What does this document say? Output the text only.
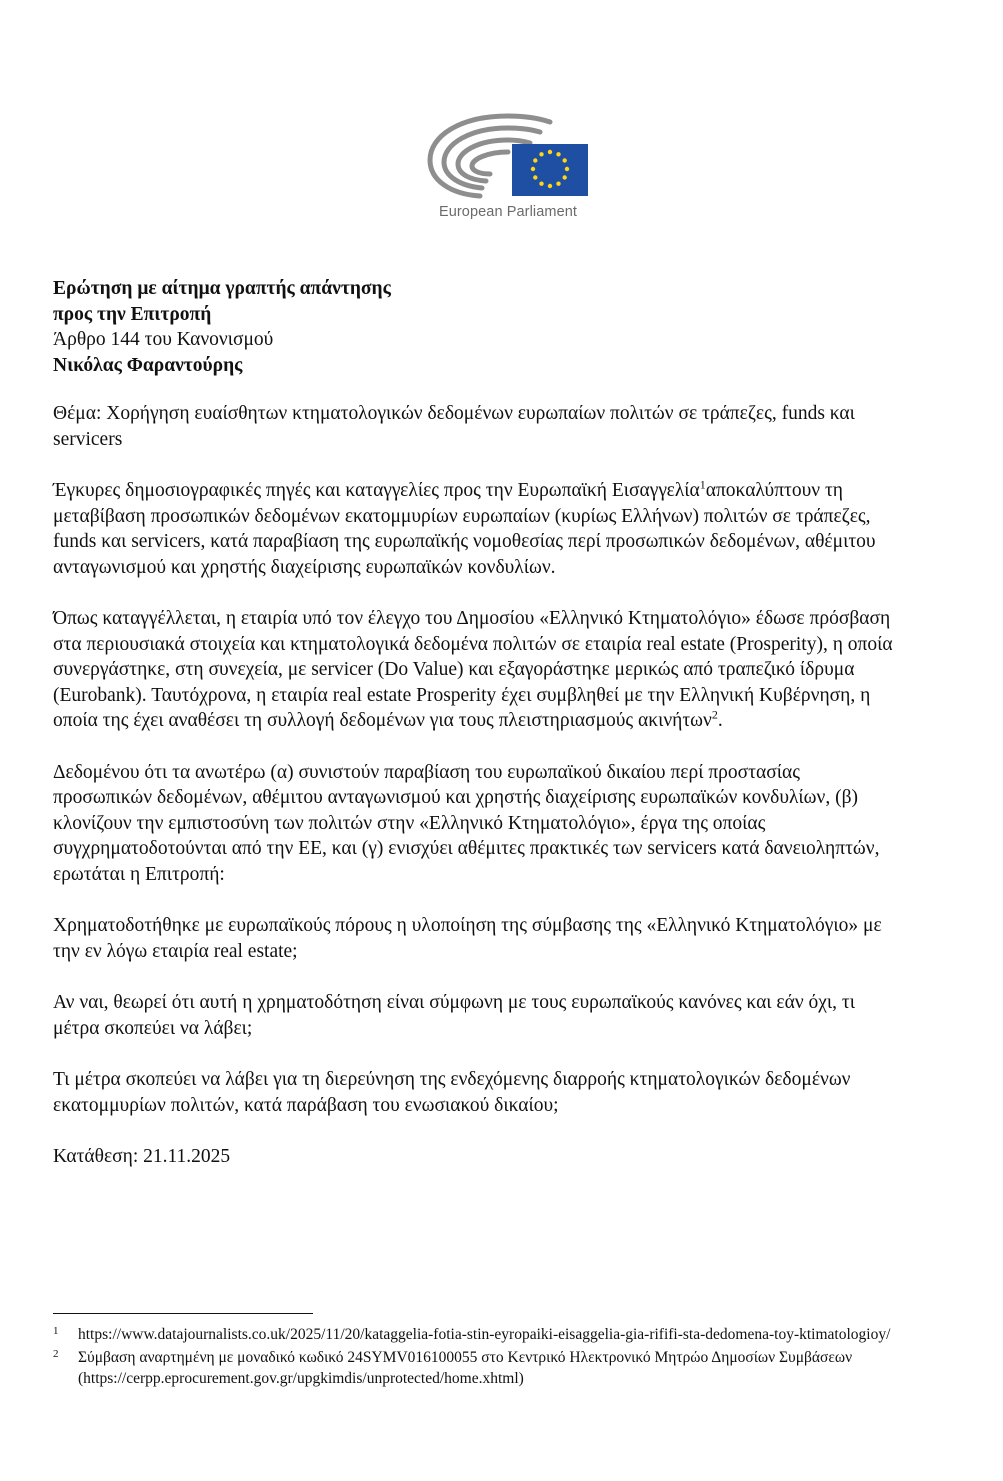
European Parliament

Ερώτηση με αίτημα γραπτής απάντησης

προς την Επιτροπή

Άρθρο 144 του Κανονισμού

Νικόλας Φαραντούρης

Θέμα: Χορήγηση ευαίσθητων κτηματολογικών δεδομένων ευρωπαίων πολιτών σε τράπεζες, funds και servicers

Έγκυρες δημοσιογραφικές πηγές και καταγγελίες προς την Ευρωπαϊκή Εισαγγελία$^1$αποκαλύπτουν τη μεταβίβαση προσωπικών δεδομένων εκατομμυρίων ευρωπαίων (κυρίως Ελλήνων) πολιτών σε τράπεζες, funds και servicers, κατά παραβίαση της ευρωπαϊκής νομοθεσίας περί προσωπικών δεδομένων, αθέμιτου ανταγωνισμού και χρηστής διαχείρισης ευρωπαϊκών κονδυλίων.

Όπως καταγγέλλεται, η εταιρία υπό τον έλεγχο του Δημοσίου «Ελληνικό Κτηματολόγιο» έδωσε πρόσβαση στα περιουσιακά στοιχεία και κτηματολογικά δεδομένα πολιτών σε εταιρία real estate (Prosperity), η οποία συνεργάστηκε, στη συνεχεία, με servicer (Do Value) και εξαγοράστηκε μερικώς από τραπεζικό ίδρυμα (Eurobank). Ταυτόχρονα, η εταιρία real estate Prosperity έχει συμβληθεί με την Ελληνική Κυβέρνηση, η οποία της έχει αναθέσει τη συλλογή δεδομένων για τους πλειστηριασμούς ακινήτων$^2$.

Δεδομένου ότι τα ανωτέρω (α) συνιστούν παραβίαση του ευρωπαϊκού δικαίου περί προστασίας προσωπικών δεδομένων, αθέμιτου ανταγωνισμού και χρηστής διαχείρισης ευρωπαϊκών κονδυλίων, (β) κλονίζουν την εμπιστοσύνη των πολιτών στην «Ελληνικό Κτηματολόγιο», έργα της οποίας συγχρηματοδοτούνται από την ΕΕ, και (γ) ενισχύει αθέμιτες πρακτικές των servicers κατά δανειοληπτών, ερωτάται η Επιτροπή:

Χρηματοδοτήθηκε με ευρωπαϊκούς πόρους η υλοποίηση της σύμβασης της «Ελληνικό Κτηματολόγιο» με την εν λόγω εταιρία real estate;

Αν ναι, θεωρεί ότι αυτή η χρηματοδότηση είναι σύμφωνη με τους ευρωπαϊκούς κανόνες και εάν όχι, τι μέτρα σκοπεύει να λάβει;

Τι μέτρα σκοπεύει να λάβει για τη διερεύνηση της ενδεχόμενης διαρροής κτηματολογικών δεδομένων εκατομμυρίων πολιτών, κατά παράβαση του ενωσιακού δικαίου;

Κατάθεση: 21.11.2025

1 https://www.datajournalists.co.uk/2025/11/20/kataggelia-fotia-stin-eyropaiki-eisaggelia-gia-rififi-sta-dedomena-toy-ktimatologioy/
2 Σύμβαση αναρτημένη με μοναδικό κωδικό 24SYMV016100055 στο Κεντρικό Ηλεκτρονικό Μητρώο Δημοσίων Συμβάσεων (https://cerpp.eprocurement.gov.gr/upgkimdis/unprotected/home.xhtml)
